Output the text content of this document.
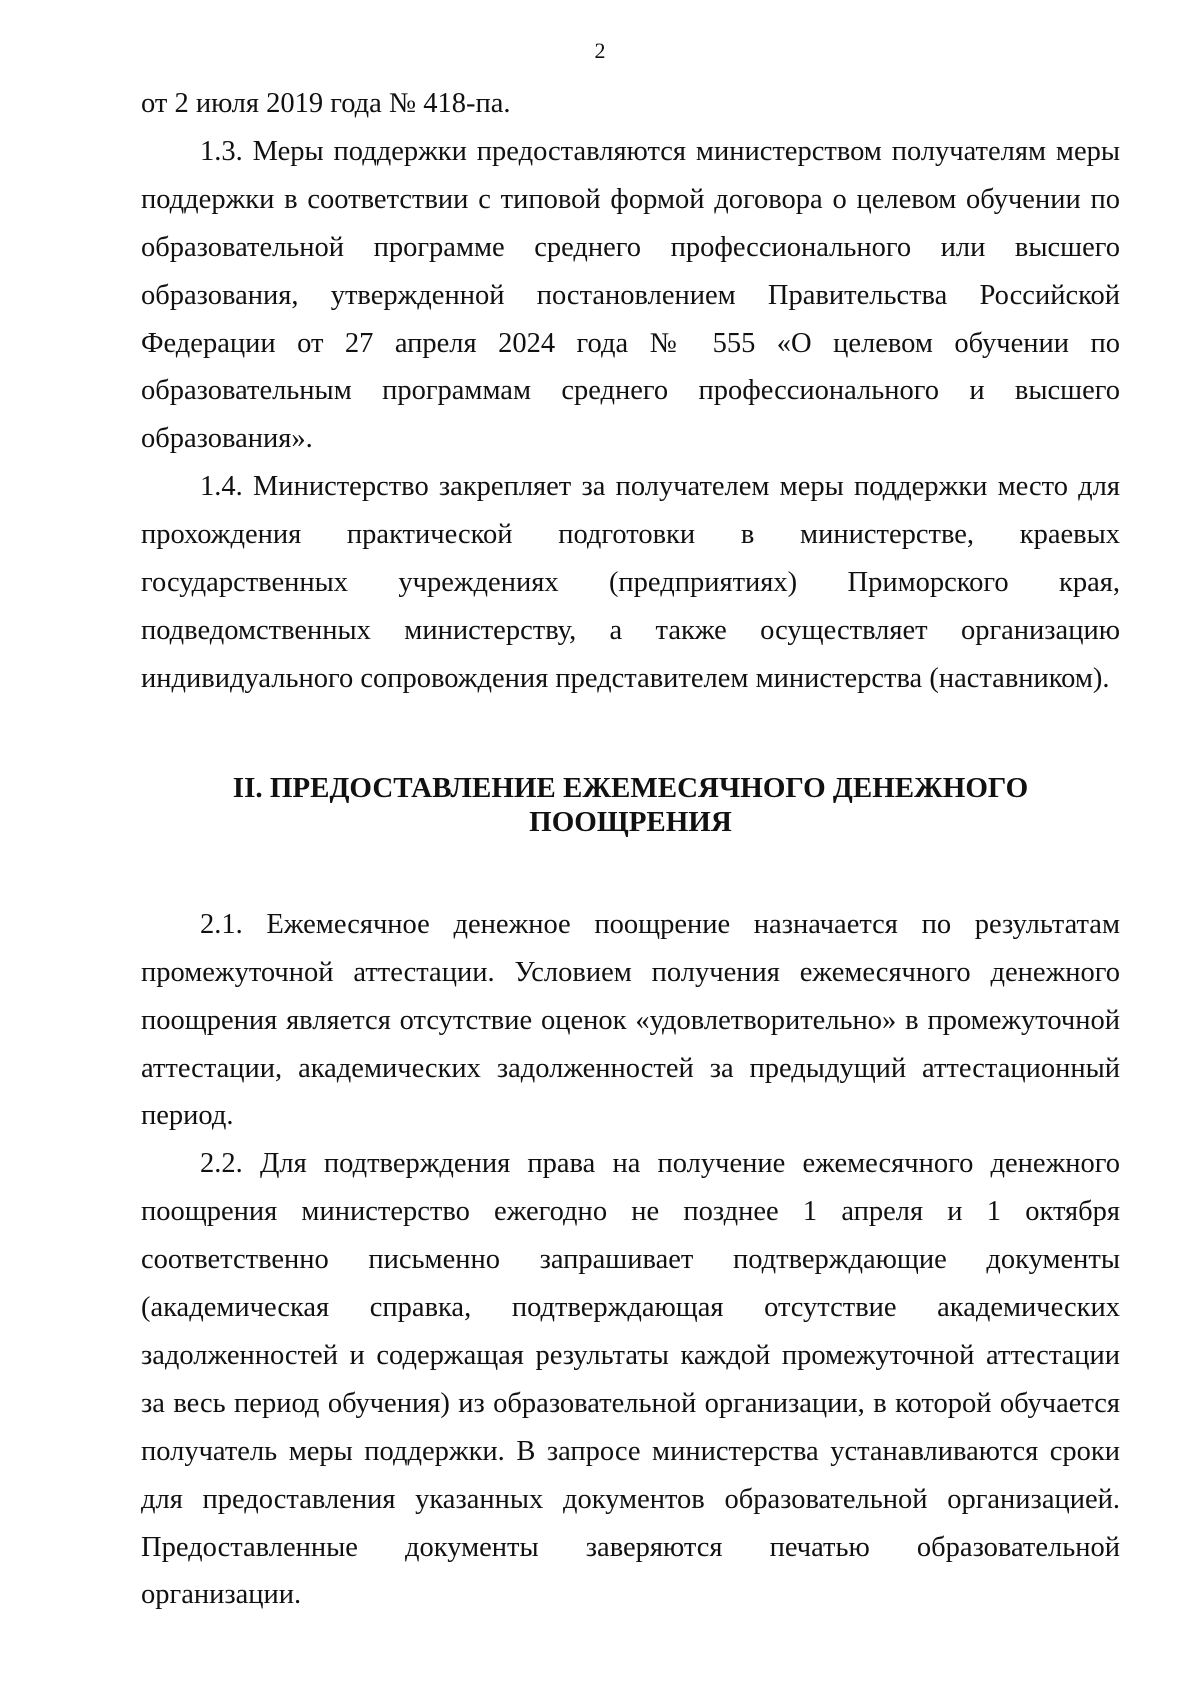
2

от 2 июля 2019 года № 418-па.

1.3. Меры поддержки предоставляются министерством получателям меры поддержки в соответствии с типовой формой договора о целевом обучении по образовательной программе среднего профессионального или высшего образования, утвержденной постановлением Правительства Российской Федерации от 27 апреля 2024 года № 555 «О целевом обучении по образовательным программам среднего профессионального и высшего образования».

1.4. Министерство закрепляет за получателем меры поддержки место для прохождения практической подготовки в министерстве, краевых государственных учреждениях (предприятиях) Приморского края, подведомственных министерству, а также осуществляет организацию индивидуального сопровождения представителем министерства (наставником).

II. ПРЕДОСТАВЛЕНИЕ ЕЖЕМЕСЯЧНОГО ДЕНЕЖНОГО
ПООЩРЕНИЯ

2.1. Ежемесячное денежное поощрение назначается по результатам промежуточной аттестации. Условием получения ежемесячного денежного поощрения является отсутствие оценок «удовлетворительно» в промежуточной аттестации, академических задолженностей за предыдущий аттестационный период.

2.2. Для подтверждения права на получение ежемесячного денежного поощрения министерство ежегодно не позднее 1 апреля и 1 октября соответственно письменно запрашивает подтверждающие документы (академическая справка, подтверждающая отсутствие академических задолженностей и содержащая результаты каждой промежуточной аттестации за весь период обучения) из образовательной организации, в которой обучается получатель меры поддержки. В запросе министерства устанавливаются сроки для предоставления указанных документов образовательной организацией. Предоставленные документы заверяются печатью образовательной организации.
